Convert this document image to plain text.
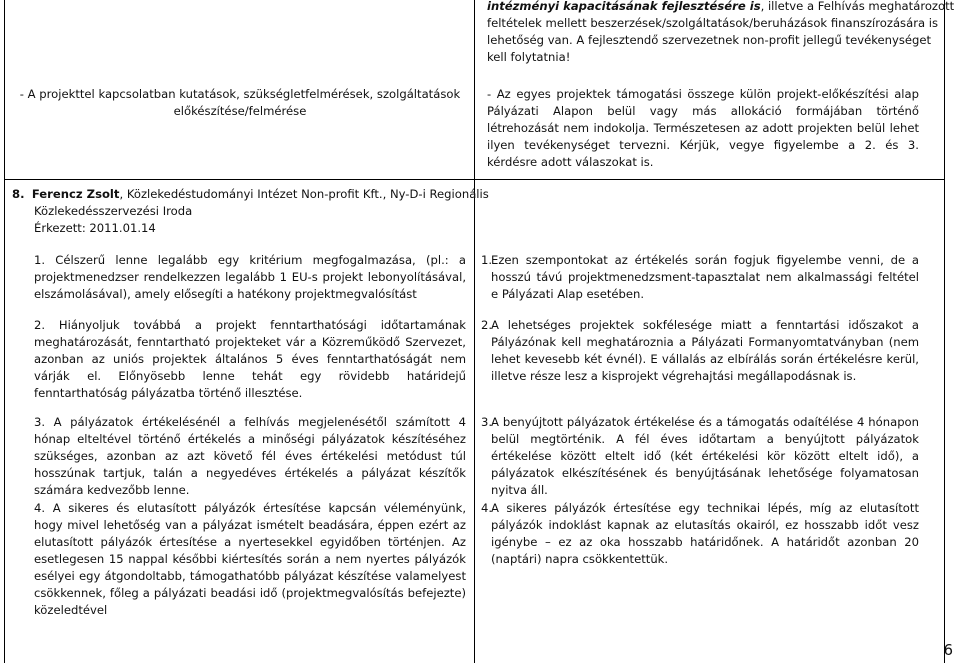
intézményi kapacitásának fejlesztésére is, illetve a Felhívás meghatározott
feltételek mellett beszerzések/szolgáltatások/beruházások finanszírozására is
lehetőség van. A fejlesztendő szervezetnek non-profit jellegű tevékenységet
kell folytatnia!
- A projekttel kapcsolatban kutatások, szükségletfelmérések, szolgáltatások
előkészítése/felmérése
- Az egyes projektek támogatási összege külön projekt-előkészítési alap Pályázati Alapon belül vagy más allokáció formájában történő létrehozását nem indokolja. Természetesen az adott projekten belül lehet ilyen tevékenységet tervezni. Kérjük, vegye figyelembe a 2. és 3. kérdésre adott válaszokat is.
8. Ferencz Zsolt, Közlekedéstudományi Intézet Non-profit Kft., Ny-D-i Regionális
Közlekedésszervezési Iroda
Érkezett: 2011.01.14
1. Célszerű lenne legalább egy kritérium megfogalmazása, (pl.: a projektmenedzser rendelkezzen legalább 1 EU-s projekt lebonyolításával, elszámolásával), amely elősegíti a hatékony projektmegvalósítást
2. Hiányoljuk továbbá a projekt fenntarthatósági időtartamának meghatározását, fenntartható projekteket vár a Közreműködő Szervezet, azonban az uniós projektek általános 5 éves fenntarthatóságát nem várják el. Előnyösebb lenne tehát egy rövidebb határidejű fenntarthatóság pályázatba történő illesztése.
3. A pályázatok értékelésénél a felhívás megjelenésétől számított 4 hónap elteltével történő értékelés a minőségi pályázatok készítéséhez szükséges, azonban az azt követő fél éves értékelési metódust túl hosszúnak tartjuk, talán a negyedéves értékelés a pályázat készítők számára kedvezőbb lenne.
4. A sikeres és elutasított pályázók értesítése kapcsán véleményünk, hogy mivel lehetőség van a pályázat ismételt beadására, éppen ezért az elutasított pályázók értesítése a nyertesekkel egyidőben történjen. Az esetlegesen 15 nappal későbbi kiértesítés során a nem nyertes pályázók esélyei egy átgondoltabb, támogathatóbb pályázat készítése valamelyest csökkennek, főleg a pályázati beadási idő (projektmegvalósítás befejezte) közeledtével
1.
Ezen szempontokat az értékelés során fogjuk figyelembe venni, de a hosszú távú projektmenedzsment-tapasztalat nem alkalmassági feltétel e Pályázati Alap esetében.
2.
A lehetséges projektek sokfélesége miatt a fenntartási időszakot a Pályázónak kell meghatároznia a Pályázati Formanyomtatványban (nem lehet kevesebb két évnél). E vállalás az elbírálás során értékelésre kerül, illetve része lesz a kisprojekt végrehajtási megállapodásnak is.
3.
A benyújtott pályázatok értékelése és a támogatás odaítélése 4 hónapon belül megtörténik. A fél éves időtartam a benyújtott pályázatok értékelése között eltelt idő (két értékelési kör között eltelt idő), a pályázatok elkészítésének és benyújtásának lehetősége folyamatosan nyitva áll.
4.
A sikeres pályázók értesítése egy technikai lépés, míg az elutasított pályázók indoklást kapnak az elutasítás okairól, ez hosszabb időt vesz igénybe – ez az oka hosszabb határidőnek. A határidőt azonban 20 (naptári) napra csökkentettük.
6
